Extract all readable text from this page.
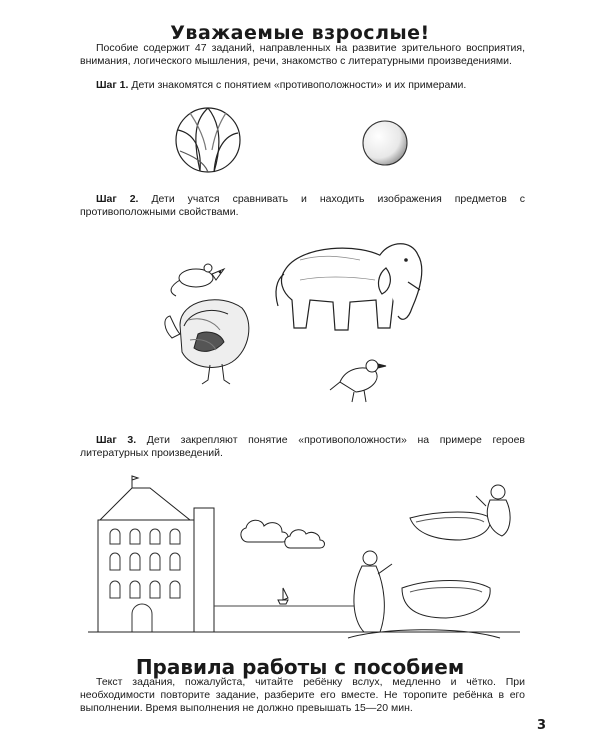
Уважаемые взрослые!

Пособие содержит 47 заданий, направленных на развитие зрительного восприятия, внимания, логического мышления, речи, знакомство с литературными произведениями.

Шаг 1. Дети знакомятся с понятием «противоположности» и их примерами.

Шаг 2. Дети учатся сравнивать и находить изображения предметов с противоположными свойствами.

Шаг 3. Дети закрепляют понятие «противоположности» на примере героев литературных произведений.

Правила работы с пособием

Текст задания, пожалуйста, читайте ребёнку вслух, медленно и чётко. При необходимости повторите задание, разберите его вместе. Не торопите ребёнка в его выполнении. Время выполнения не должно превышать 15—20 мин.

3
